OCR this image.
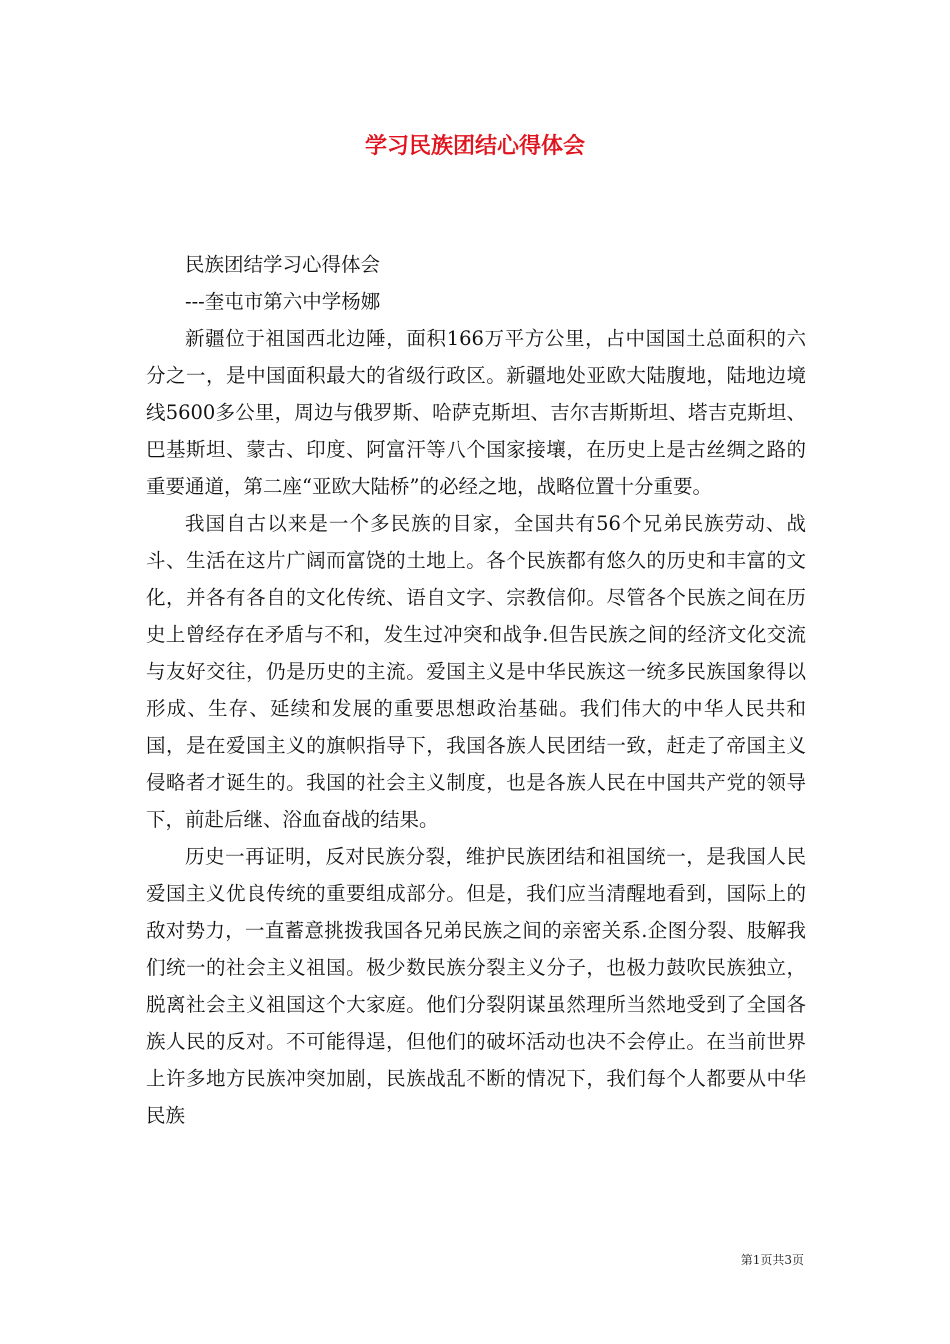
学习民族团结心得体会

民族团结学习心得体会

---奎屯市第六中学杨娜

新疆位于祖国西北边陲，面积166万平方公里，占中国国土总面积的六分之一，是中国面积最大的省级行政区。新疆地处亚欧大陆腹地，陆地边境线5600多公里，周边与俄罗斯、哈萨克斯坦、吉尔吉斯斯坦、塔吉克斯坦、巴基斯坦、蒙古、印度、阿富汗等八个国家接壤，在历史上是古丝绸之路的重要通道，第二座“亚欧大陆桥”的必经之地，战略位置十分重要。

我国自古以来是一个多民族的目家，全国共有56个兄弟民族劳动、战斗、生活在这片广阔而富饶的土地上。各个民族都有悠久的历史和丰富的文化，并各有各自的文化传统、语自文字、宗教信仰。尽管各个民族之间在历史上曾经存在矛盾与不和，发生过冲突和战争.但告民族之间的经济文化交流与友好交往，仍是历史的主流。爱国主义是中华民族这一统多民族国象得以形成、生存、延续和发展的重要思想政治基础。我们伟大的中华人民共和国，是在爱国主义的旗帜指导下，我国各族人民团结一致，赶走了帝国主义侵略者才诞生的。我国的社会主义制度，也是各族人民在中国共产党的领导下，前赴后继、浴血奋战的结果。

历史一再证明，反对民族分裂，维护民族团结和祖国统一，是我国人民爱国主义优良传统的重要组成部分。但是，我们应当清醒地看到，国际上的敌对势力，一直蓄意挑拨我国各兄弟民族之间的亲密关系.企图分裂、肢解我们统一的社会主义祖国。极少数民族分裂主义分子，也极力鼓吹民族独立，脱离社会主义祖国这个大家庭。他们分裂阴谋虽然理所当然地受到了全国各族人民的反对。不可能得逞，但他们的破坏活动也决不会停止。在当前世界上许多地方民族冲突加剧，民族战乱不断的情况下，我们每个人都要从中华民族

第1页共3页
